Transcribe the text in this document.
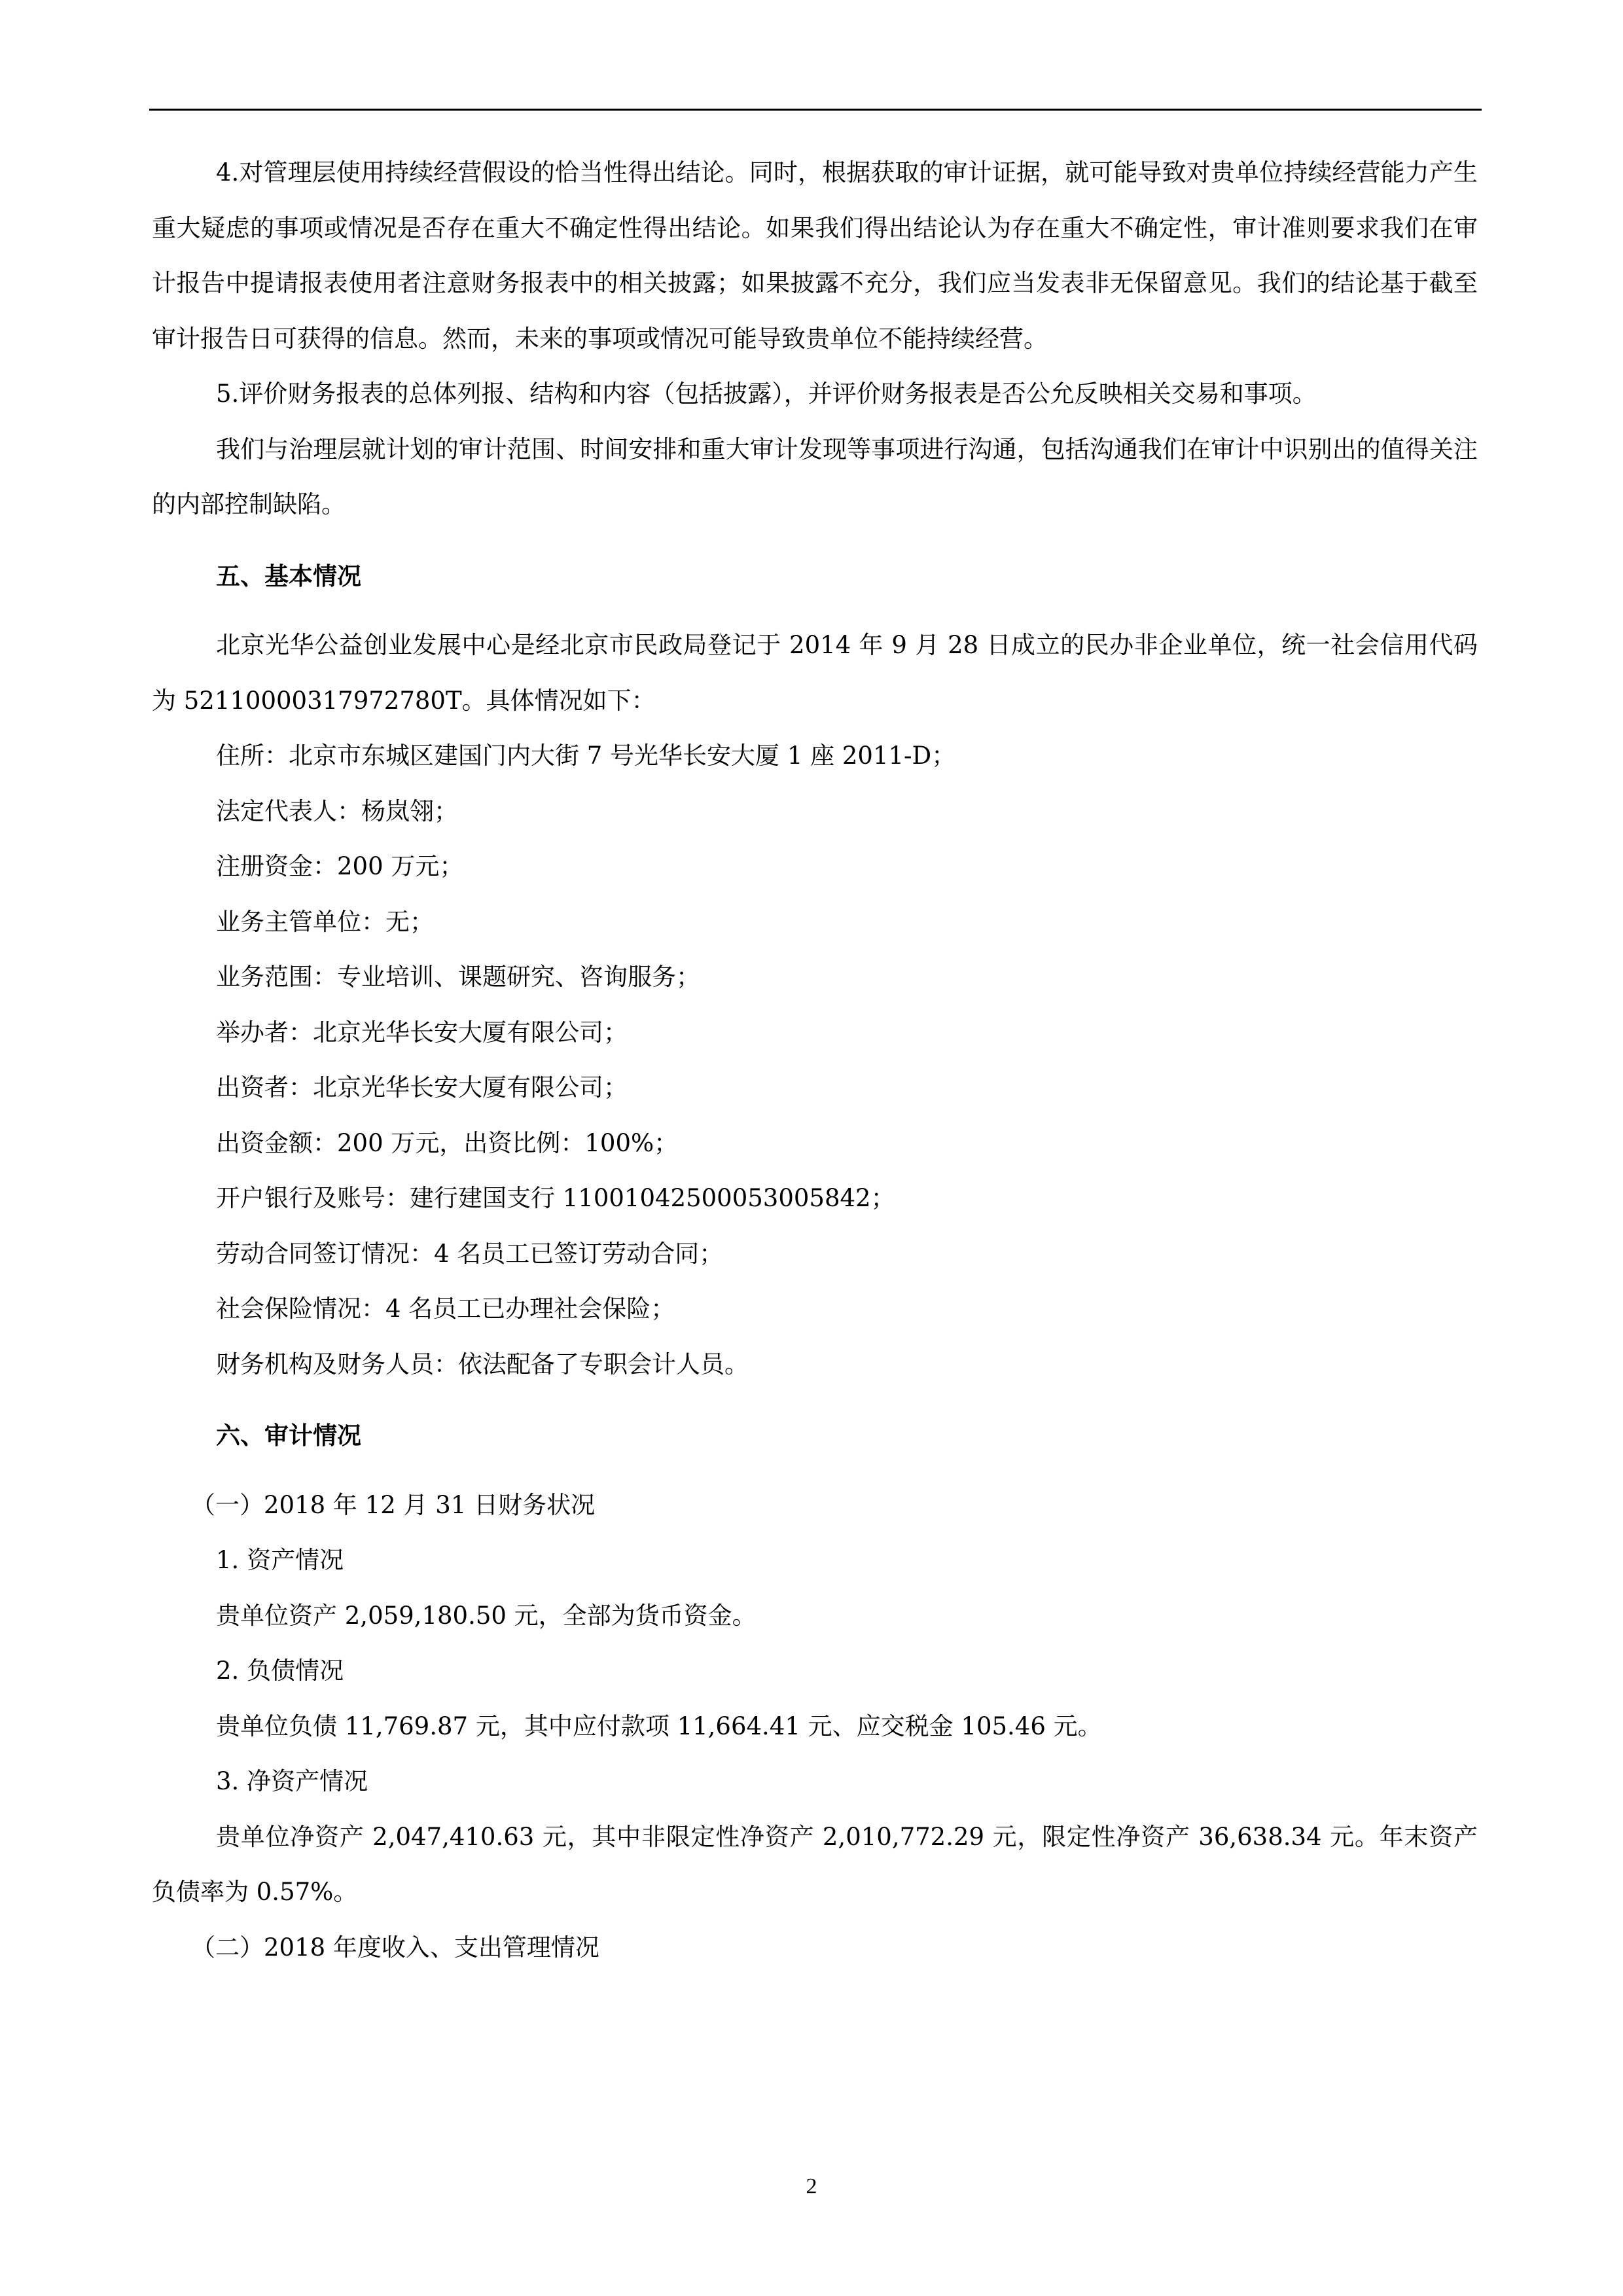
4.对管理层使用持续经营假设的恰当性得出结论。同时，根据获取的审计证据，就可能导致对贵单位持续经营能力产生重大疑虑的事项或情况是否存在重大不确定性得出结论。如果我们得出结论认为存在重大不确定性，审计准则要求我们在审计报告中提请报表使用者注意财务报表中的相关披露；如果披露不充分，我们应当发表非无保留意见。我们的结论基于截至审计报告日可获得的信息。然而，未来的事项或情况可能导致贵单位不能持续经营。

5.评价财务报表的总体列报、结构和内容（包括披露），并评价财务报表是否公允反映相关交易和事项。

我们与治理层就计划的审计范围、时间安排和重大审计发现等事项进行沟通，包括沟通我们在审计中识别出的值得关注的内部控制缺陷。

五、基本情况

北京光华公益创业发展中心是经北京市民政局登记于 2014 年 9 月 28 日成立的民办非企业单位，统一社会信用代码为 52110000317972780T。具体情况如下：

住所：北京市东城区建国门内大街 7 号光华长安大厦 1 座 2011-D；

法定代表人：杨岚翎；

注册资金：200 万元；

业务主管单位：无；

业务范围：专业培训、课题研究、咨询服务；

举办者：北京光华长安大厦有限公司；

出资者：北京光华长安大厦有限公司；

出资金额：200 万元，出资比例：100%；

开户银行及账号：建行建国支行 11001042500053005842；

劳动合同签订情况：4 名员工已签订劳动合同；

社会保险情况：4 名员工已办理社会保险；

财务机构及财务人员：依法配备了专职会计人员。

六、审计情况

（一）2018 年 12 月 31 日财务状况

1. 资产情况

贵单位资产 2,059,180.50 元，全部为货币资金。

2. 负债情况

贵单位负债 11,769.87 元，其中应付款项 11,664.41 元、应交税金 105.46 元。

3. 净资产情况

贵单位净资产 2,047,410.63 元，其中非限定性净资产 2,010,772.29 元，限定性净资产 36,638.34 元。年末资产负债率为 0.57%。

（二）2018 年度收入、支出管理情况

2
